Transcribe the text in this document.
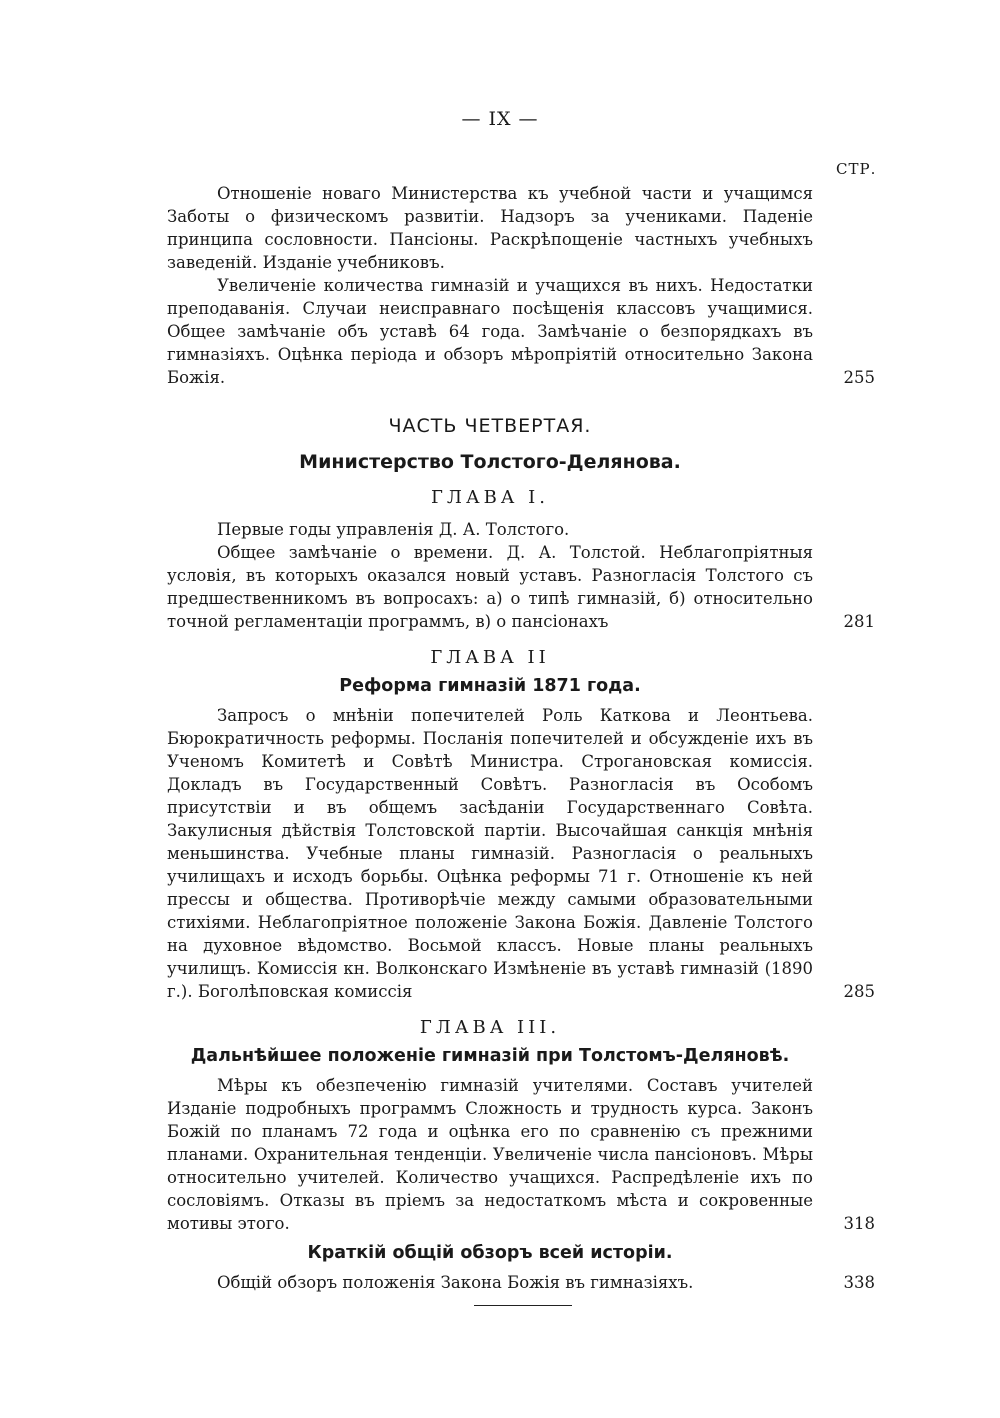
— IX —
СТР.
Отношеніе новаго Министерства къ учебной части и учащимся Заботы о физическомъ развитіи. Надзоръ за учениками. Паденіе принципа сословности. Пансіоны. Раскрѣпощеніе частныхъ учебныхъ заведеній. Изданіе учебниковъ.
Увеличеніе количества гимназій и учащихся въ нихъ. Недостатки преподаванія. Случаи неисправнаго посѣщенія классовъ учащимися. Общее замѣчаніе объ уставѣ 64 года. Замѣчаніе о безпорядкахъ въ гимназіяхъ. Оцѣнка періода и обзоръ мѣропріятій относительно Закона Божія.	255
ЧАСТЬ ЧЕТВЕРТАЯ.
Министерство Толстого-Делянова.
ГЛАВА I.
Первые годы управленія Д. А. Толстого.
Общее замѣчаніе о времени. Д. А. Толстой. Неблагопріятныя условія, въ которыхъ оказался новый уставъ. Разногласія Толстого съ предшественникомъ въ вопросахъ: а) о типѣ гимназій, б) относительно точной регламентаціи программъ, в) о пансіонахъ	281
ГЛАВА II
Реформа гимназій 1871 года.
Запросъ о мнѣніи попечителей Роль Каткова и Леонтьева. Бюрократичность реформы. Посланія попечителей и обсужденіе ихъ въ Ученомъ Комитетѣ и Совѣтѣ Министра. Строгановская комиссія. Докладъ въ Государственный Совѣтъ. Разногласія въ Особомъ присутствіи и въ общемъ засѣданіи Государственнаго Совѣта. Закулисныя дѣйствія Толстовской партіи. Высочайшая санкція мнѣнія меньшинства. Учебные планы гимназій. Разногласія о реальныхъ училищахъ и исходъ борьбы. Оцѣнка реформы 71 г. Отношеніе къ ней прессы и общества. Противорѣчіе между самыми образовательными стихіями. Неблагопріятное положеніе Закона Божія. Давленіе Толстого на духовное вѣдомство. Восьмой классъ. Новые планы реальныхъ училищъ. Комиссія кн. Волконскаго Измѣненіе въ уставѣ гимназій (1890 г.). Боголѣповская комиссія	285
ГЛАВА III.
Дальнѣйшее положеніе гимназій при Толстомъ-Деляновѣ.
Мѣры къ обезпеченію гимназій учителями. Составъ учителей Изданіе подробныхъ программъ Сложность и трудность курса. Законъ Божій по планамъ 72 года и оцѣнка его по сравненію съ прежними планами. Охранительная тенденціи. Увеличеніе числа пансіоновъ. Мѣры относительно учителей. Количество учащихся. Распредѣленіе ихъ по сословіямъ. Отказы въ пріемъ за недостаткомъ мѣста и сокровенные мотивы этого.	318
Краткій общій обзоръ всей исторіи.
Общій обзоръ положенія Закона Божія въ гимназіяхъ.	338
